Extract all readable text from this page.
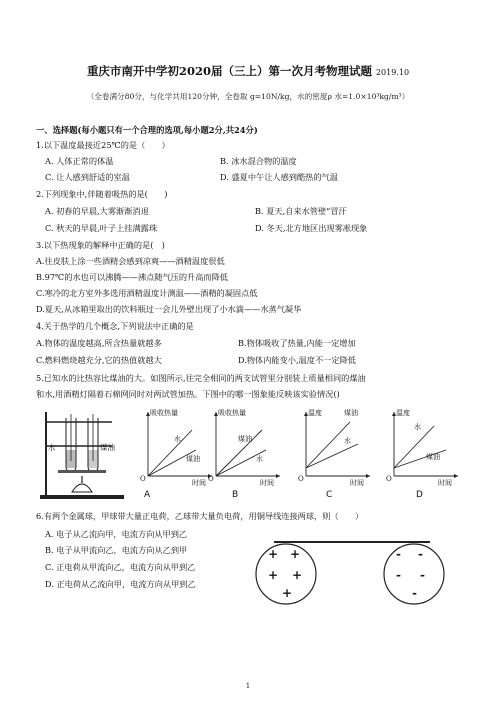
重庆市南开中学初2020届（三上）第一次月考物理试题 2019.10
（全卷满分80分，与化学共用120分钟，全卷取 g=10N/kg，水的密度ρ 水=1.0×10³kg/m³）
一、选择题(每小题只有一个合理的选项,每小题2分,共24分)
1.以下温度最接近25℃的是（　　）
A. 人体正常的体温	B. 冰水混合物的温度
C. 让人感到舒适的室温	D. 盛夏中午让人感到酷热的气温
2.下列现象中,伴随着吸热的是(　　)
A. 初春的早晨,大雾渐渐消退	B. 夏天,自来水管壁“冒汗
C. 秋天的早晨,叶子上挂满露珠	D. 冬天,北方地区出现雾凇现象
3.以下热现象的解释中正确的是(　)
A.往皮肤上涂一些酒精会感到凉爽——酒精温度很低
B.97℃的水也可以沸腾——沸点随气压的升高而降低
C.寒冷的北方室外多选用酒精温度计测温——酒精的凝固点低
D.夏天,从冰箱里取出的饮料瓶过一会儿外壁出现了小水滴——水蒸气凝华
4.关于热学的几个概念,下列说法中正确的是
A.物体的温度越高,所含热量就越多	B.物体吸收了热量,内能一定增加
C.燃料燃烧越充分,它的热值就越大	D.物体内能变小,温度不一定降低
5.已知水的比热容比煤油的大。如图所示,往完全相同的两支试管里分别装上质量相同的煤油
和水,用酒精灯隔着石棉网同时对两试管加热。下图中的哪一图象能反映该实验情况()
水	煤油
吸收热量
水
煤油
O	时间
A
吸收热量
煤油
水
O	时间
B
温度	煤油
水
O	时间
C
温度
水
煤油
O	时间
D
6.有两个金属球，甲球带大量正电荷，乙球带大量负电荷，用铜导线连接两球，则（　　）
A. 电子从乙流向甲，电流方向从甲到乙
B. 电子从甲流向乙，电流方向从乙到甲
C. 正电荷从甲流向乙，电流方向从甲到乙
D. 正电荷从乙流向甲，电流方向从甲到乙
+ +
+ +
+
- -
- -
-
1
